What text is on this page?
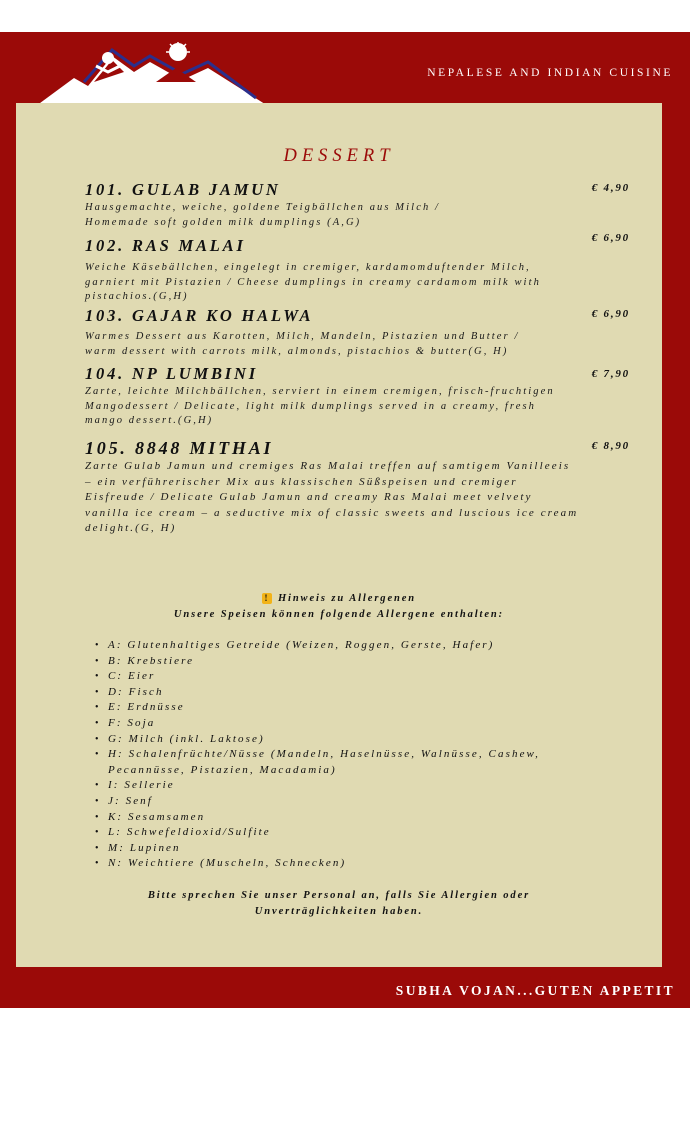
NEPALESE AND INDIAN CUISINE
DESSERT
101. GULAB JAMUN
Hausgemachte, weiche, goldene Teigbällchen aus Milch / Homemade soft golden milk dumplings (A,G)
€ 4,90
102. RAS MALAI
Weiche Käsebällchen, eingelegt in cremiger, kardamomduftender Milch, garniert mit Pistazien / Cheese dumplings in creamy cardamom milk with pistachios.(G,H)
€ 6,90
103. GAJAR KO HALWA
Warmes Dessert aus Karotten, Milch, Mandeln, Pistazien und Butter / warm dessert with carrots milk, almonds, pistachios & butter(G, H)
€ 6,90
104. NP LUMBINI
Zarte, leichte Milchbällchen, serviert in einem cremigen, frisch-fruchtigen Mangodessert / Delicate, light milk dumplings served in a creamy, fresh mango dessert.(G,H)
€ 7,90
105. 8848 MITHAI
Zarte Gulab Jamun und cremiges Ras Malai treffen auf samtigem Vanilleeis – ein verführerischer Mix aus klassischen Süßspeisen und cremiger Eisfreude / Delicate Gulab Jamun and creamy Ras Malai meet velvety vanilla ice cream – a seductive mix of classic sweets and luscious ice cream delight.(G, H)
€ 8,90
! Hinweis zu Allergenen
Unsere Speisen können folgende Allergene enthalten:
• A: Glutenhaltiges Getreide (Weizen, Roggen, Gerste, Hafer)
• B: Krebstiere
• C: Eier
• D: Fisch
• E: Erdnüsse
• F: Soja
• G: Milch (inkl. Laktose)
• H: Schalenfrüchte/Nüsse (Mandeln, Haselnüsse, Walnüsse, Cashew, Pecannüsse, Pistazien, Macadamia)
• I: Sellerie
• J: Senf
• K: Sesamsamen
• L: Schwefeldioxid/Sulfite
• M: Lupinen
• N: Weichtiere (Muscheln, Schnecken)
Bitte sprechen Sie unser Personal an, falls Sie Allergien oder Unverträglichkeiten haben.
SUBHA VOJAN...GUTEN APPETIT
